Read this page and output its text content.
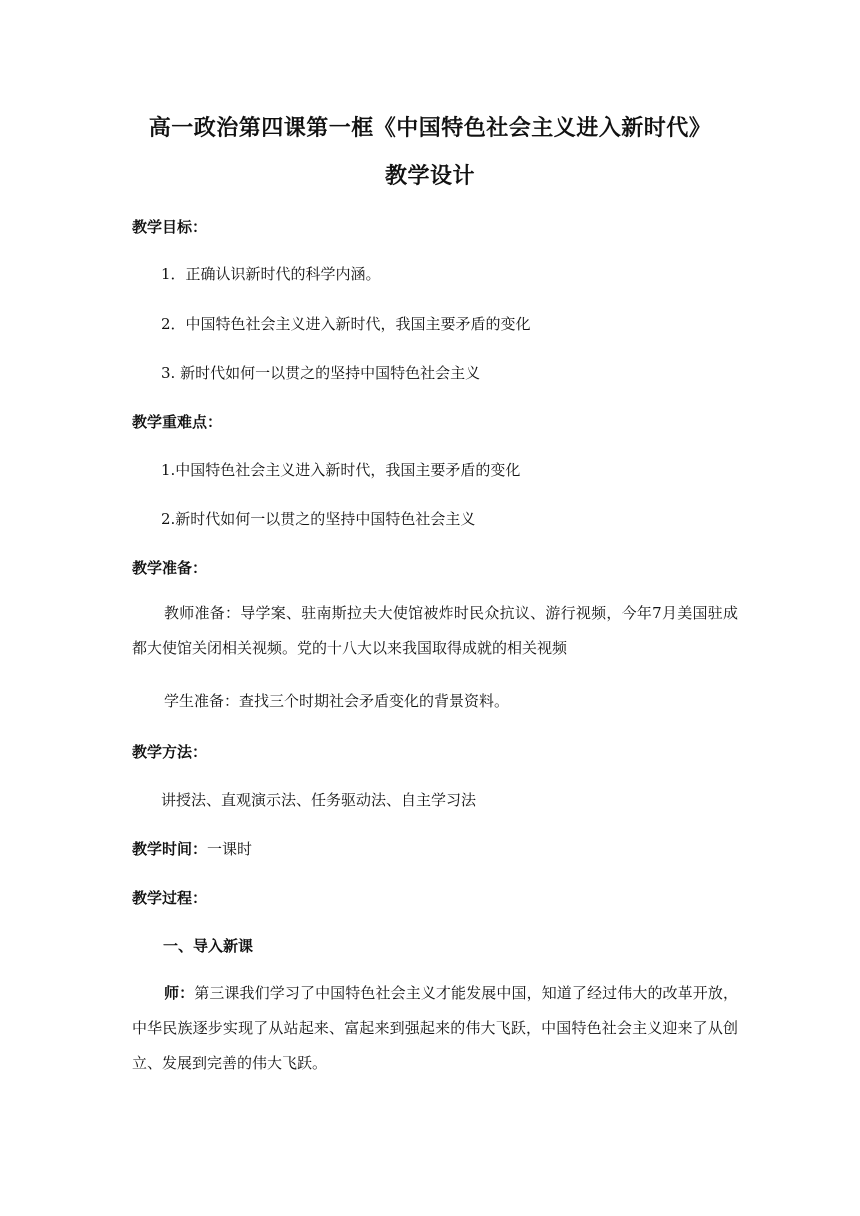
高一政治第四课第一框《中国特色社会主义进入新时代》
教学设计
教学目标：
1．正确认识新时代的科学内涵。
2．中国特色社会主义进入新时代，我国主要矛盾的变化
3. 新时代如何一以贯之的坚持中国特色社会主义
教学重难点：
1.中国特色社会主义进入新时代，我国主要矛盾的变化
2.新时代如何一以贯之的坚持中国特色社会主义
教学准备：
教师准备：导学案、驻南斯拉夫大使馆被炸时民众抗议、游行视频，今年7月美国驻成都大使馆关闭相关视频。党的十八大以来我国取得成就的相关视频
学生准备：查找三个时期社会矛盾变化的背景资料。
教学方法：
讲授法、直观演示法、任务驱动法、自主学习法
教学时间：一课时
教学过程：
一、导入新课
师：第三课我们学习了中国特色社会主义才能发展中国，知道了经过伟大的改革开放，中华民族逐步实现了从站起来、富起来到强起来的伟大飞跃，中国特色社会主义迎来了从创立、发展到完善的伟大飞跃。
